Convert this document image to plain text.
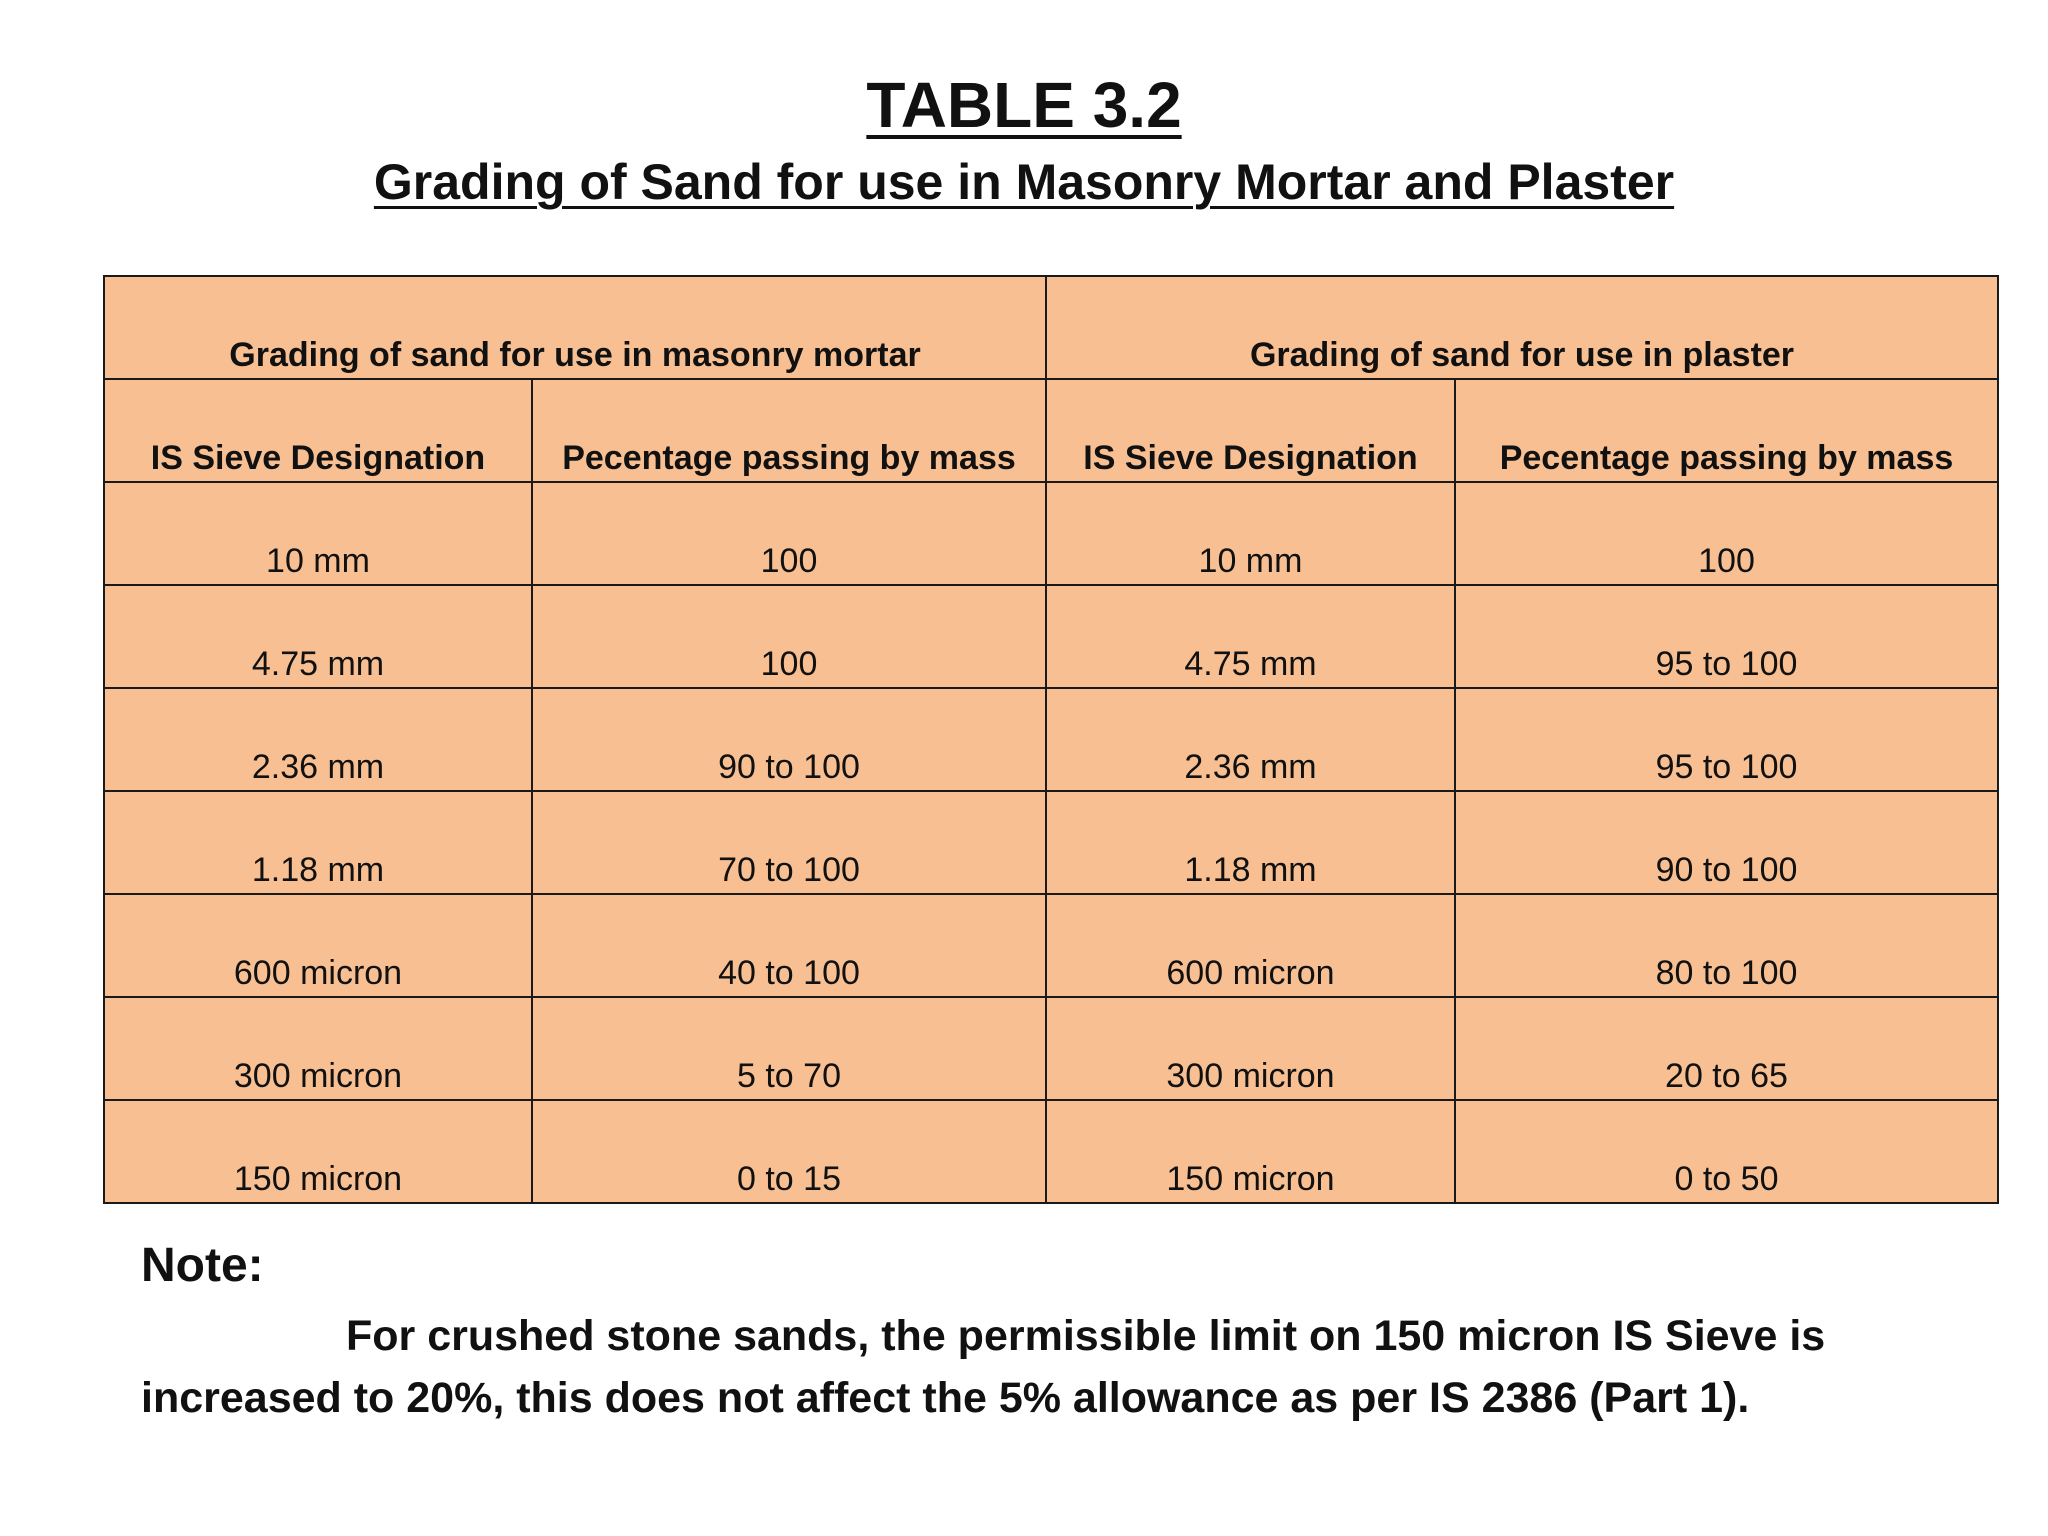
TABLE 3.2
Grading of Sand for use in Masonry Mortar and Plaster
Grading of sand for use in masonry mortar		Grading of sand for use in plaster	
IS Sieve Designation	Pecentage passing by mass	IS Sieve Designation	Pecentage passing by mass
10 mm	100	10 mm	100
4.75 mm	100	4.75 mm	95 to 100
2.36 mm	90 to 100	2.36 mm	95 to 100
1.18 mm	70 to 100	1.18 mm	90 to 100
600 micron	40 to 100	600 micron	80 to 100
300 micron	5 to 70	300 micron	20 to 65
150 micron	0 to 15	150 micron	0 to 50
Note:
For crushed stone sands, the permissible limit on 150 micron IS Sieve is increased to 20%, this does not affect the 5% allowance as per IS 2386 (Part 1).
